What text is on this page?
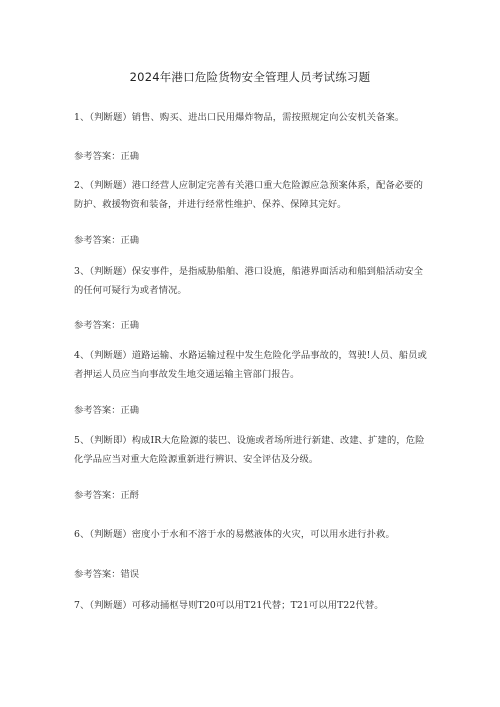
2024年港口危险货物安全管理人员考试练习题
1、（判断题）销售、购买、进出口民用爆炸物品，需按照规定向公安机关备案。
参考答案：正确
2、（判断题）港口经营人应制定完善有关港口重大危险源应急预案体系，配备必要的防护、救援物资和装备，并进行经常性维护、保养、保障其完好。
参考答案：正确
3、（判断题）保安事件，是指威胁船舶、港口设施，船港界面活动和船到船活动安全的任何可疑行为或者情况。
参考答案：正确
4、（判断题）道路运输、水路运输过程中发生危险化学品事故的，驾驶!人员、船员或者押运人员应当向事故发生地交通运输主管部门报告。
参考答案：正确
5、（判断即）构成IR大危险源的装巴、设施或者场所进行新建、改建、扩建的，危险化学品应当对重大危险源重新进行辨识、安全评估及分级。
参考答案：正酹
6、（判断题）密度小于水和不溶于水的易燃液体的火灾，可以用水进行扑救。
参考答案：错误
7、（判断题）可移动捅枢导则T20可以用T21代替；T21可以用T22代替。
